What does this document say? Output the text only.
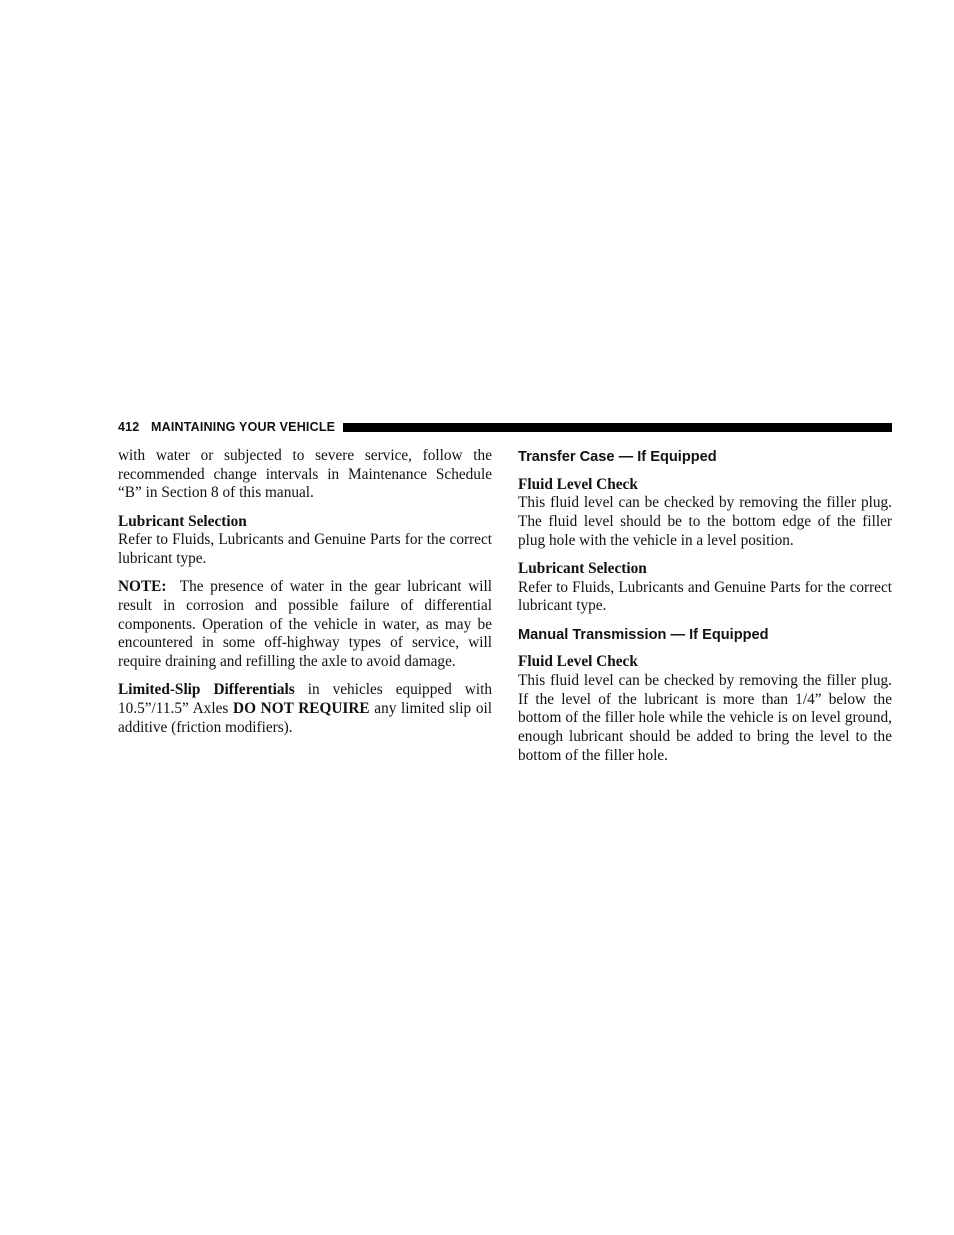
412 MAINTAINING YOUR VEHICLE

with water or subjected to severe service, follow the recommended change intervals in Maintenance Schedule “B” in Section 8 of this manual.

Lubricant Selection

Refer to Fluids, Lubricants and Genuine Parts for the correct lubricant type.

NOTE: The presence of water in the gear lubricant will result in corrosion and possible failure of differential components. Operation of the vehicle in water, as may be encountered in some off-highway types of service, will require draining and refilling the axle to avoid damage.

Limited-Slip Differentials in vehicles equipped with 10.5”/11.5” Axles DO NOT REQUIRE any limited slip oil additive (friction modifiers).

Transfer Case — If Equipped
Fluid Level Check

This fluid level can be checked by removing the filler plug. The fluid level should be to the bottom edge of the filler plug hole with the vehicle in a level position.

Lubricant Selection

Refer to Fluids, Lubricants and Genuine Parts for the correct lubricant type.

Manual Transmission — If Equipped
Fluid Level Check

This fluid level can be checked by removing the filler plug. If the level of the lubricant is more than 1/4” below the bottom of the filler hole while the vehicle is on level ground, enough lubricant should be added to bring the level to the bottom of the filler hole.
